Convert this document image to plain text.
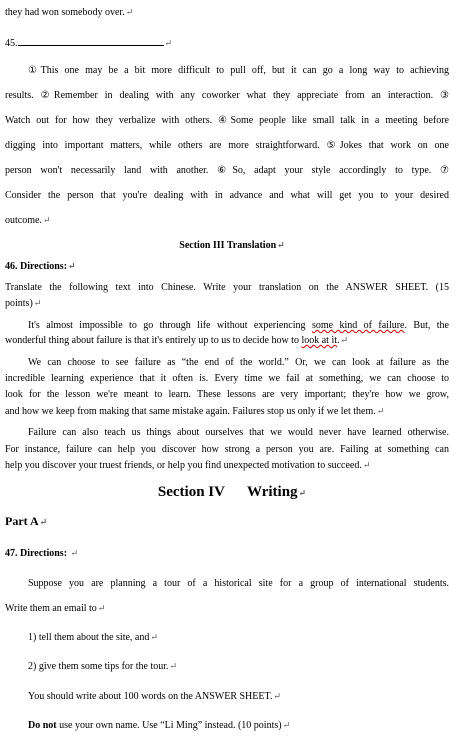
they had won somebody over.↵
45.	↵
①This one may be a bit more difficult to pull off, but it can go a long way to achieving
results. ②Remember in dealing with any coworker what they appreciate from an interaction. ③
Watch out for how they verbalize with others. ④Some people like small talk in a meeting before
digging into important matters, while others are more straightforward. ⑤Jokes that work on one
person won't necessarily land with another. ⑥So, adapt your style accordingly to type. ⑦
Consider the person that you're dealing with in advance and what will get you to your desired
outcome.↵
Section III Translation↵
46. Directions:↵
Translate the following text into Chinese. Write your translation on the ANSWER SHEET. (15
points)↵
It's almost impossible to go through life without experiencing some kind of failure. But, the
wonderful thing about failure is that it's entirely up to us to decide how to look at it.↵
We can choose to see failure as “the end of the world.” Or, we can look at failure as the
incredible learning experience that it often is. Every time we fail at something, we can choose to
look for the lesson we're meant to learn. These lessons are very important; they're how we grow,
and how we keep from making that same mistake again. Failures stop us only if we let them.↵
Failure can also teach us things about ourselves that we would never have learned otherwise.
For instance, failure can help you discover how strong a person you are. Failing at something can
help you discover your truest friends, or help you find unexpected motivation to succeed.↵
Section IV Writing↵
Part A↵
47. Directions: ↵
Suppose you are planning a tour of a historical site for a group of international students.
Write them an email to↵
1) tell them about the site, and↵
2) give them some tips for the tour.↵
You should write about 100 words on the ANSWER SHEET.↵
Do not use your own name. Use “Li Ming” instead. (10 points)↵
